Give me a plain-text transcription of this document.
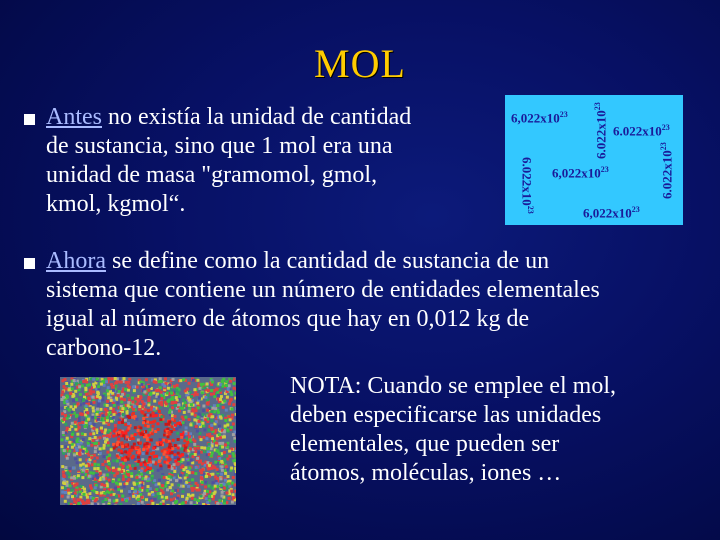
MOL
Antes no existía la unidad de cantidad
de sustancia, sino que 1 mol era una
unidad de masa "gramomol, gmol,
kmol, kgmol“.
$6,022x10^{23}$ $6.022x10^{23}$
$6.022x10^{23}$
$6.022x10^{23}$
$6,022x10^{23}$
$6.022x10^{23}$	$6,022x10^{23}$
Ahora se define como la cantidad de sustancia de un
sistema que contiene un número de entidades elementales
igual al número de átomos que hay en 0,012 kg de
carbono-12.
NOTA: Cuando se emplee el mol,
deben especificarse las unidades
elementales, que pueden ser
átomos, moléculas, iones …
